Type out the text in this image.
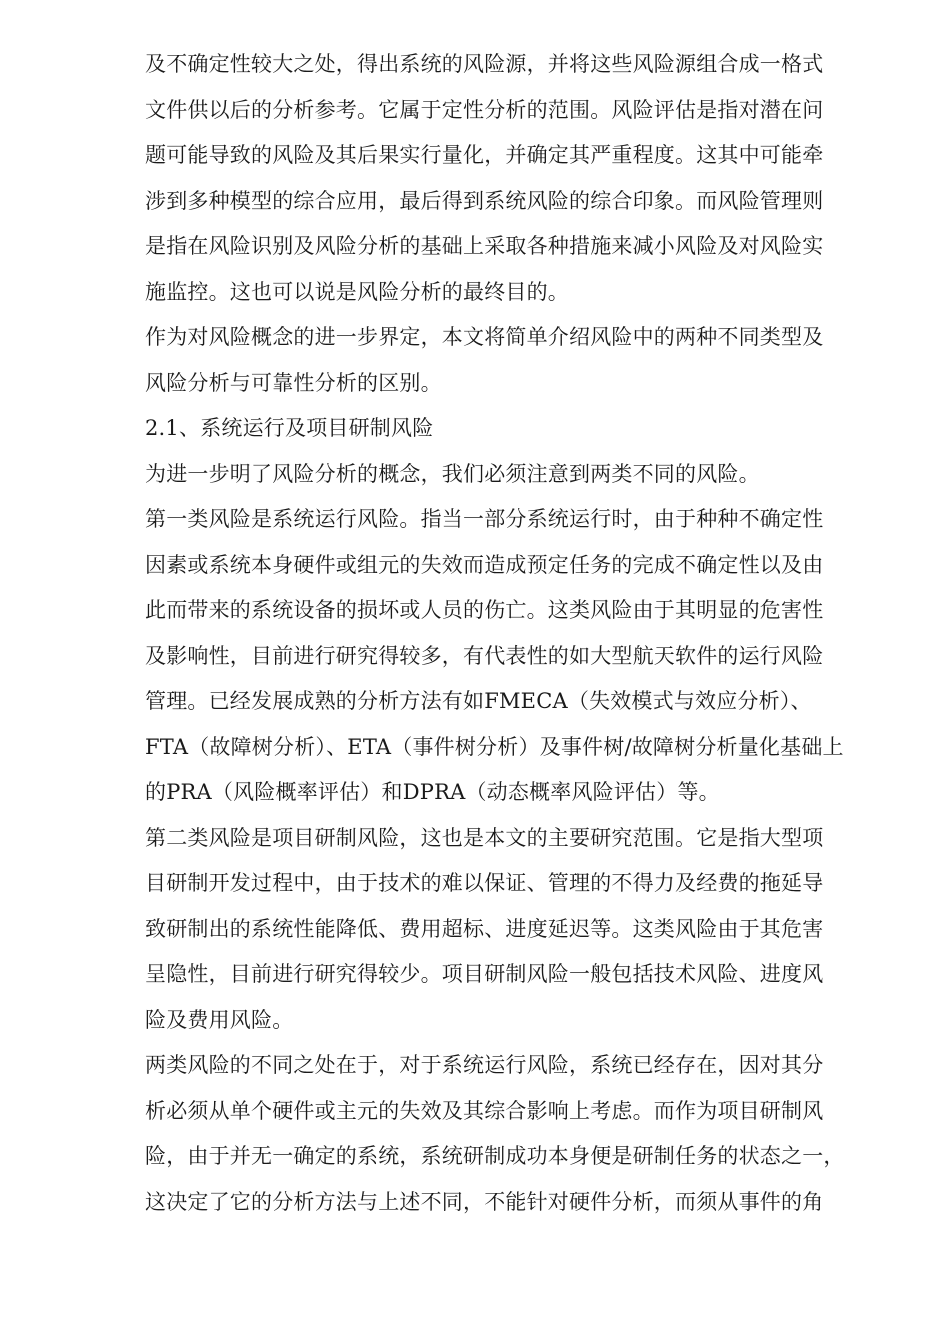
及不确定性较大之处，得出系统的风险源，并将这些风险源组合成一格式
文件供以后的分析参考。它属于定性分析的范围。风险评估是指对潜在问
题可能导致的风险及其后果实行量化，并确定其严重程度。这其中可能牵
涉到多种模型的综合应用，最后得到系统风险的综合印象。而风险管理则
是指在风险识别及风险分析的基础上采取各种措施来减小风险及对风险实
施监控。这也可以说是风险分析的最终目的。
作为对风险概念的进一步界定，本文将简单介绍风险中的两种不同类型及
风险分析与可靠性分析的区别。
2.1、系统运行及项目研制风险
为进一步明了风险分析的概念，我们必须注意到两类不同的风险。
第一类风险是系统运行风险。指当一部分系统运行时，由于种种不确定性
因素或系统本身硬件或组元的失效而造成预定任务的完成不确定性以及由
此而带来的系统设备的损坏或人员的伤亡。这类风险由于其明显的危害性
及影响性，目前进行研究得较多，有代表性的如大型航天软件的运行风险
管理。已经发展成熟的分析方法有如FMECA（失效模式与效应分析）、
FTA（故障树分析）、ETA（事件树分析）及事件树/故障树分析量化基础上
的PRA（风险概率评估）和DPRA（动态概率风险评估）等。
第二类风险是项目研制风险，这也是本文的主要研究范围。它是指大型项
目研制开发过程中，由于技术的难以保证、管理的不得力及经费的拖延导
致研制出的系统性能降低、费用超标、进度延迟等。这类风险由于其危害
呈隐性，目前进行研究得较少。项目研制风险一般包括技术风险、进度风
险及费用风险。
两类风险的不同之处在于，对于系统运行风险，系统已经存在，因对其分
析必须从单个硬件或主元的失效及其综合影响上考虑。而作为项目研制风
险，由于并无一确定的系统，系统研制成功本身便是研制任务的状态之一，
这决定了它的分析方法与上述不同，不能针对硬件分析，而须从事件的角
